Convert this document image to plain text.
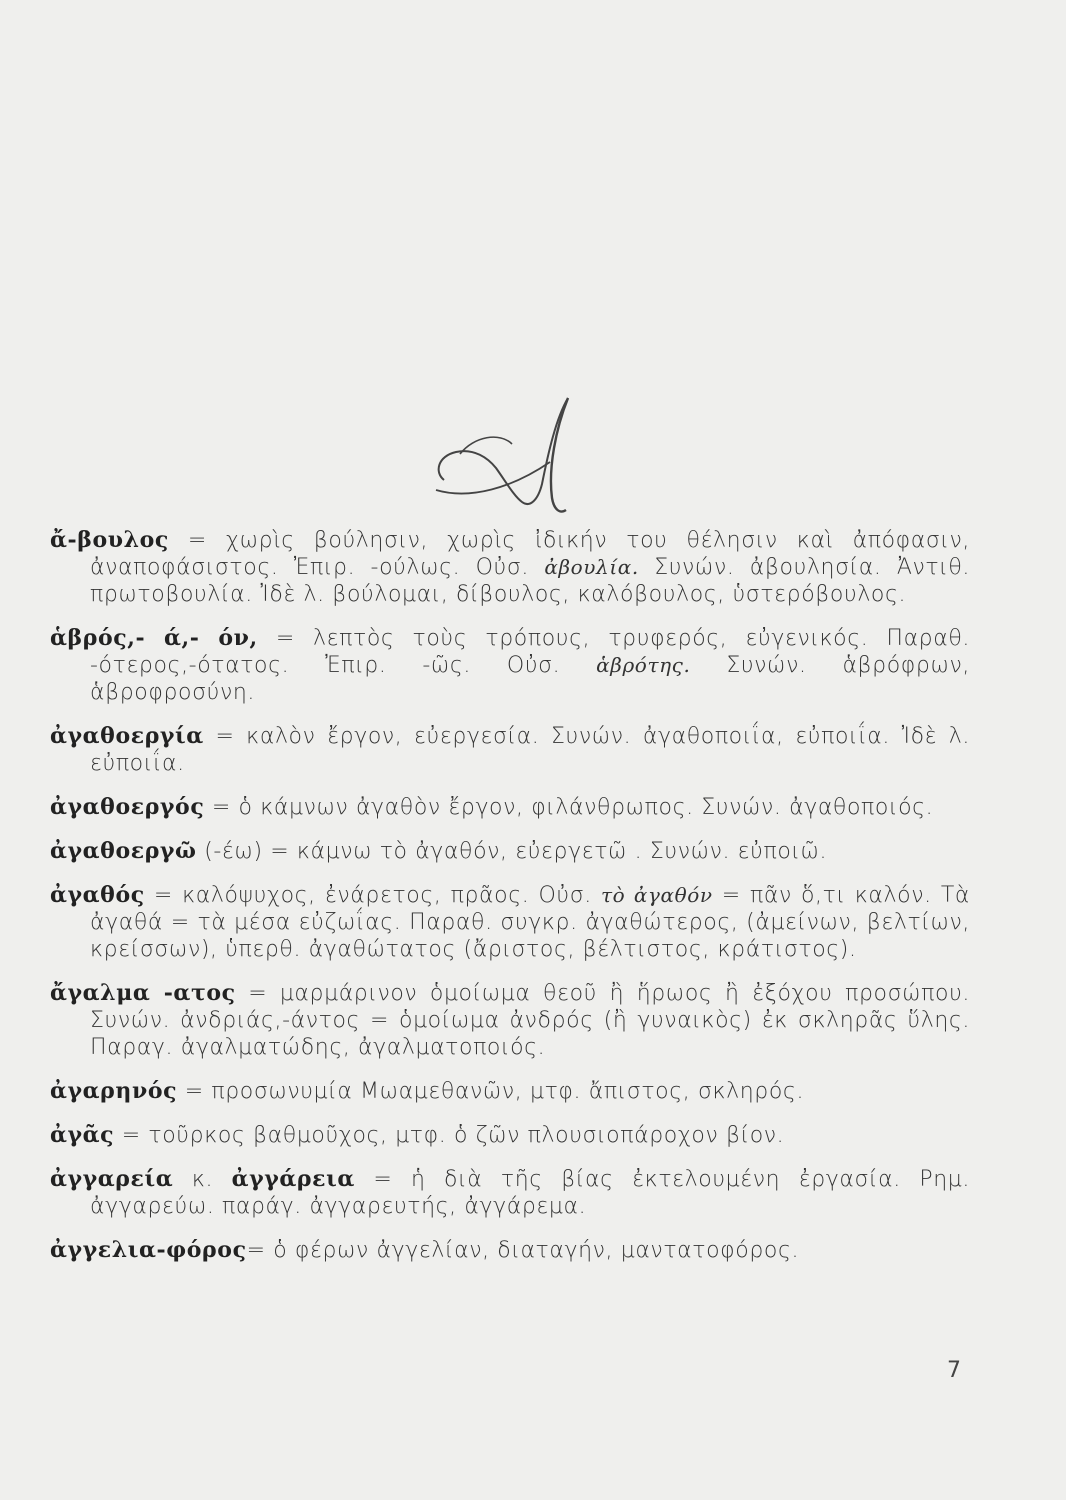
ἄ-βουλος = χωρὶς βούλησιν, χωρὶς ἰδικήν του θέλησιν καὶ ἀπόφασιν, ἀναποφάσιστος. Ἐπιρ. -ούλως. Οὐσ. ἀβουλία. Συνών. ἀβουλησία. Ἀντιθ. πρωτοβουλία. Ἰδὲ λ. βούλομαι, δίβουλος, καλόβουλος, ὑστερόβουλος.
ἁβρός,- ά,- όν, = λεπτὸς τοὺς τρόπους, τρυφερός, εὐγενικός. Παραθ. -ότερος,-ότατος. Ἐπιρ. -ῶς. Οὐσ. ἁβρότης. Συνών. ἁβρόφρων, ἁβροφροσύνη.
ἀγαθοεργία = καλὸν ἔργον, εὐεργεσία. Συνών. ἀγαθοποιΐα, εὐποιΐα. Ἰδὲ λ. εὐποιΐα.
ἀγαθοεργός = ὁ κάμνων ἀγαθὸν ἔργον, φιλάνθρωπος. Συνών. ἀγαθοποιός.
ἀγαθοεργῶ (-έω) = κάμνω τὸ ἀγαθόν, εὐεργετῶ . Συνών. εὐποιῶ.
ἀγαθός = καλόψυχος, ἐνάρετος, πρᾶος. Οὐσ. τὸ ἀγαθόν = πᾶν ὅ,τι καλόν. Τὰ ἀγαθά = τὰ μέσα εὐζωΐας. Παραθ. συγκρ. ἀγαθώτερος, (ἀμείνων, βελτίων, κρείσσων), ὑπερθ. ἀγαθώτατος (ἄριστος, βέλτιστος, κράτιστος).
ἄγαλμα -ατος = μαρμάρινον ὁμοίωμα θεοῦ ἢ ἥρωος ἢ ἐξόχου προσώπου. Συνών. ἀνδριάς,-άντος = ὁμοίωμα ἀνδρός (ἢ γυναικὸς) ἐκ σκληρᾶς ὕλης. Παραγ. ἀγαλματώδης, ἀγαλματοποιός.
ἀγαρηνός = προσωνυμία Μωαμεθανῶν, μτφ. ἄπιστος, σκληρός.
ἀγᾶς = τοῦρκος βαθμοῦχος, μτφ. ὁ ζῶν πλουσιοπάροχον βίον.
ἀγγαρεία κ. ἀγγάρεια = ἡ διὰ τῆς βίας ἐκτελουμένη ἐργασία. Ρημ. ἀγγαρεύω. παράγ. ἀγγαρευτής, ἀγγάρεμα.
ἀγγελια-φόρος= ὁ φέρων ἀγγελίαν, διαταγήν, μαντατοφόρος.
7
